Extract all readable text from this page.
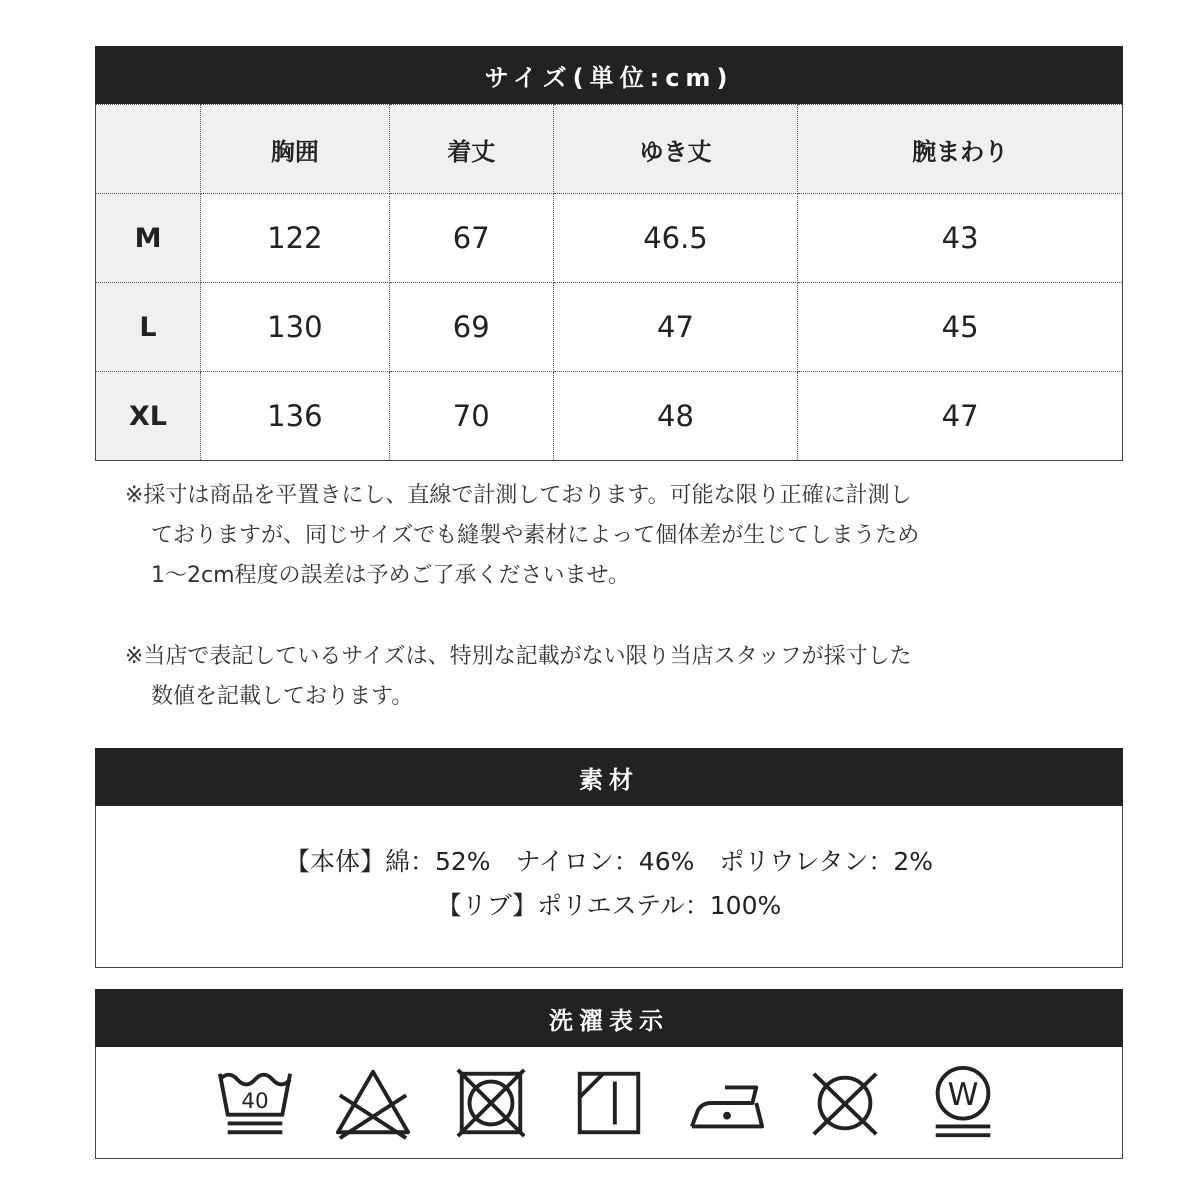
サイズ(単位:cm)
	胸囲	着丈	ゆき丈	腕まわり
M	122	67	46.5	43
L	130	69	47	45
XL	136	70	48	47
※採寸は商品を平置きにし、直線で計測しております。可能な限り正確に計測し
ておりますが、同じサイズでも縫製や素材によって個体差が生じてしまうため
1〜2cm程度の誤差は予めご了承くださいませ。
※当店で表記しているサイズは、特別な記載がない限り当店スタッフが採寸した
数値を記載しております。
素材
【本体】綿：52%　ナイロン：46%　ポリウレタン：2%
【リブ】ポリエステル：100%
洗濯表示
40	W
